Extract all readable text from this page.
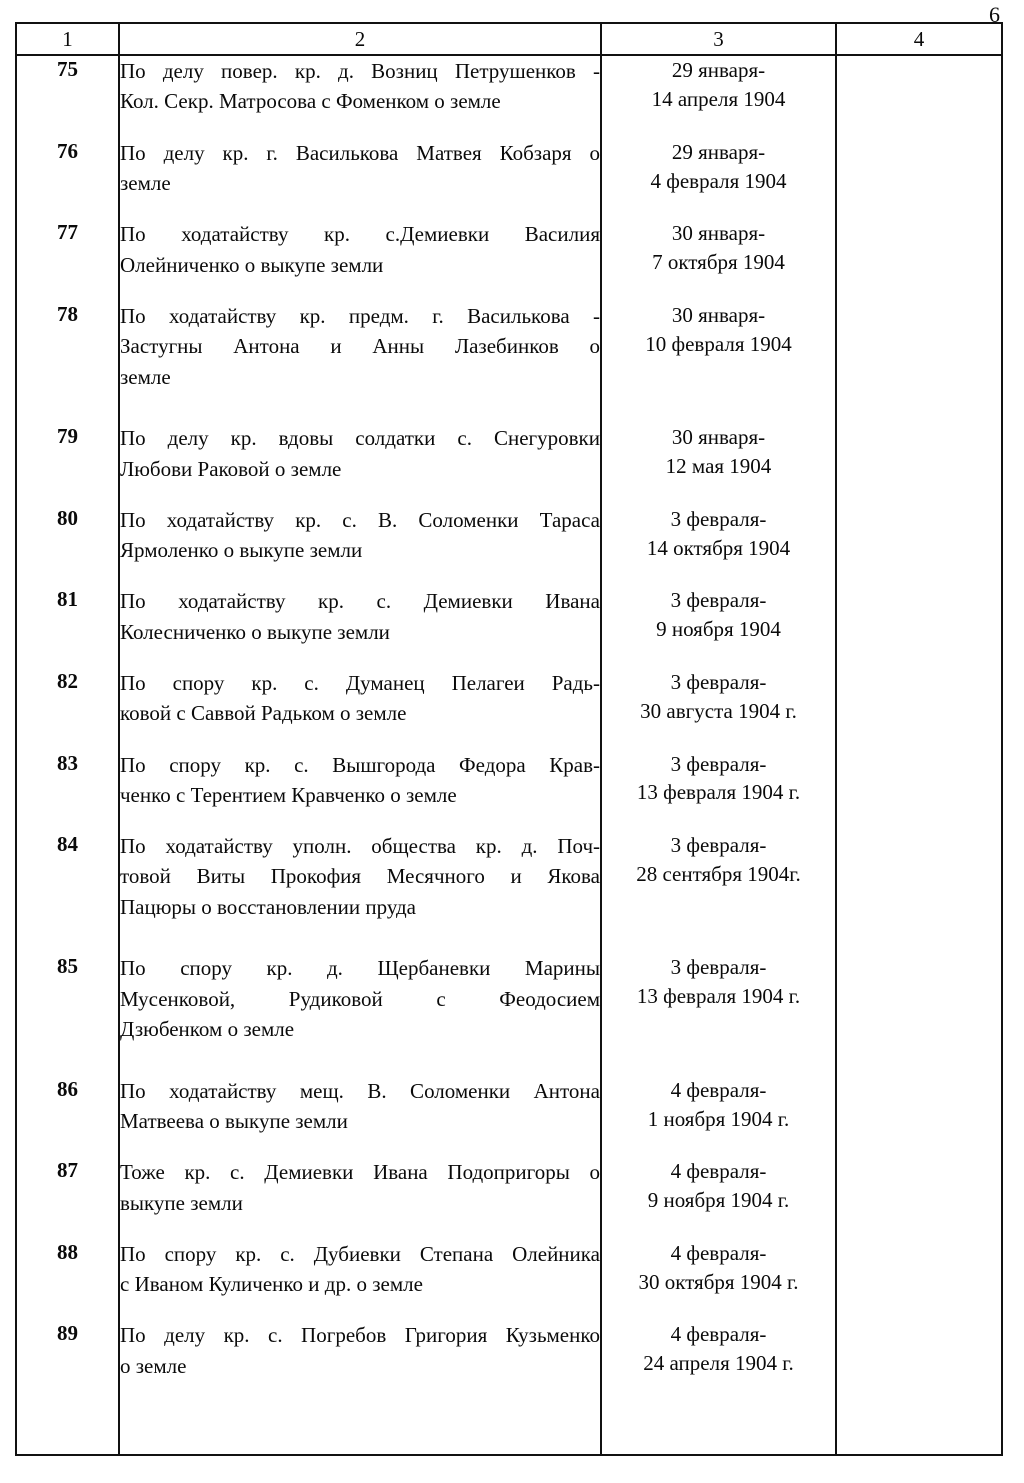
6
1	2	3	4
75	По делу повер. кр. д. Возниц Петрушенков -
Кол. Секр. Матросова с Фоменком о земле	29 января-
14 апреля 1904	

76	По делу кр. г. Василькова Матвея Кобзаря о
земле	29 января-
4 февраля 1904	

77	По ходатайству кр. с.Демиевки Василия
Олейниченко о выкупе земли	30 января-
7 октября 1904	

78	По ходатайству кр. предм. г. Василькова -
Застугны Антона и Анны Лазебинков о
земле	30 января-
10 февраля 1904	

79	По делу кр. вдовы солдатки с. Снегуровки
Любови Раковой о земле	30 января-
12 мая 1904	

80	По ходатайству кр. с. В. Соломенки Тараса
Ярмоленко о выкупе земли	3 февраля-
14 октября 1904	

81	По ходатайству кр. с. Демиевки Ивана
Колесниченко о выкупе земли	3 февраля-
9 ноября 1904	

82	По спору кр. с. Думанец Пелагеи Радь-
ковой с Саввой Радьком о земле	3 февраля-
30 августа 1904 г.	

83	По спору кр. с. Вышгорода Федора Крав-
ченко с Терентием Кравченко о земле	3 февраля-
13 февраля 1904 г.	

84	По ходатайству уполн. общества кр. д. Поч-
товой Виты Прокофия Месячного и Якова
Пацюры о восстановлении пруда	3 февраля-
28 сентября 1904г.	

85	По спору кр. д. Щербаневки Марины
Мусенковой, Рудиковой с Феодосием
Дзюбенком о земле	3 февраля-
13 февраля 1904 г.	

86	По ходатайству мещ. В. Соломенки Антона
Матвеева о выкупе земли	4 февраля-
1 ноября 1904 г.	

87	Тоже кр. с. Демиевки Ивана Подопригоры о
выкупе земли	4 февраля-
9 ноября 1904 г.	

88	По спору кр. с. Дубиевки Степана Олейника
с Иваном Куличенко и др. о земле	4 февраля-
30 октября 1904 г.	

89	По делу кр. с. Погребов Григория Кузьменко
о земле	4 февраля-
24 апреля 1904 г.	
